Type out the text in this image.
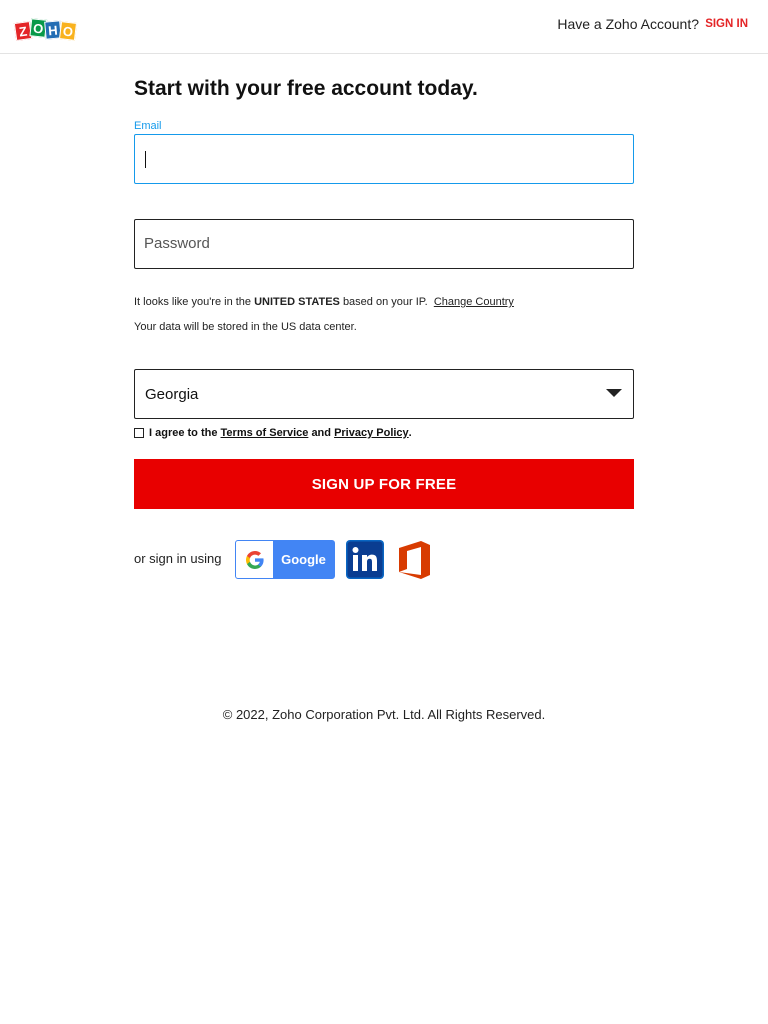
Z O H O	Have a Zoho Account? SIGN IN
Start with your free account today.
Email
Password
It looks like you're in the UNITED STATES based on your IP. Change Country
Your data will be stored in the US data center.
Georgia
I agree to the
Terms of Service
and
Privacy Policy .
SIGN UP FOR FREE
or sign in using	Google
© 2022, Zoho Corporation Pvt. Ltd. All Rights Reserved.
